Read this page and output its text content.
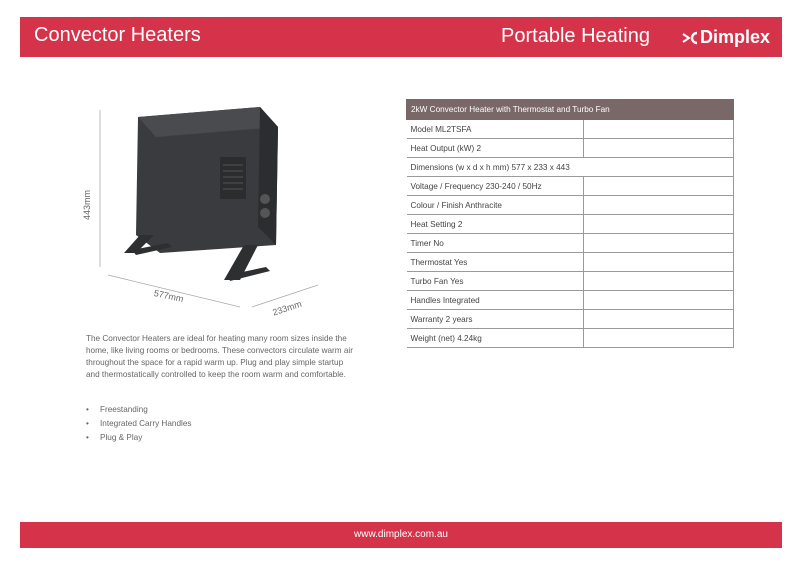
Convector Heaters	Portable Heating	Dimplex
443mm
577mm
233mm

The Convector Heaters are ideal for heating many room sizes inside the home, like living rooms or bedrooms. These convectors circulate warm air throughout the space for a rapid warm up. Plug and play simple startup and thermostatically controlled to keep the room warm and comfortable.

• Freestanding
• Integrated Carry Handles
• Plug & Play
2kW Convector Heater with Thermostat and Turbo Fan	
Model ML2TSFA	
Heat Output (kW) 2	
Dimensions (w x d x h mm) 577 x 233 x 443	
Voltage / Frequency 230-240 / 50Hz	
Colour / Finish Anthracite	
Heat Setting 2	
Timer No	
Thermostat Yes	
Turbo Fan Yes	
Handles Integrated	
Warranty 2 years	
Weight (net) 4.24kg	
www.dimplex.com.au
